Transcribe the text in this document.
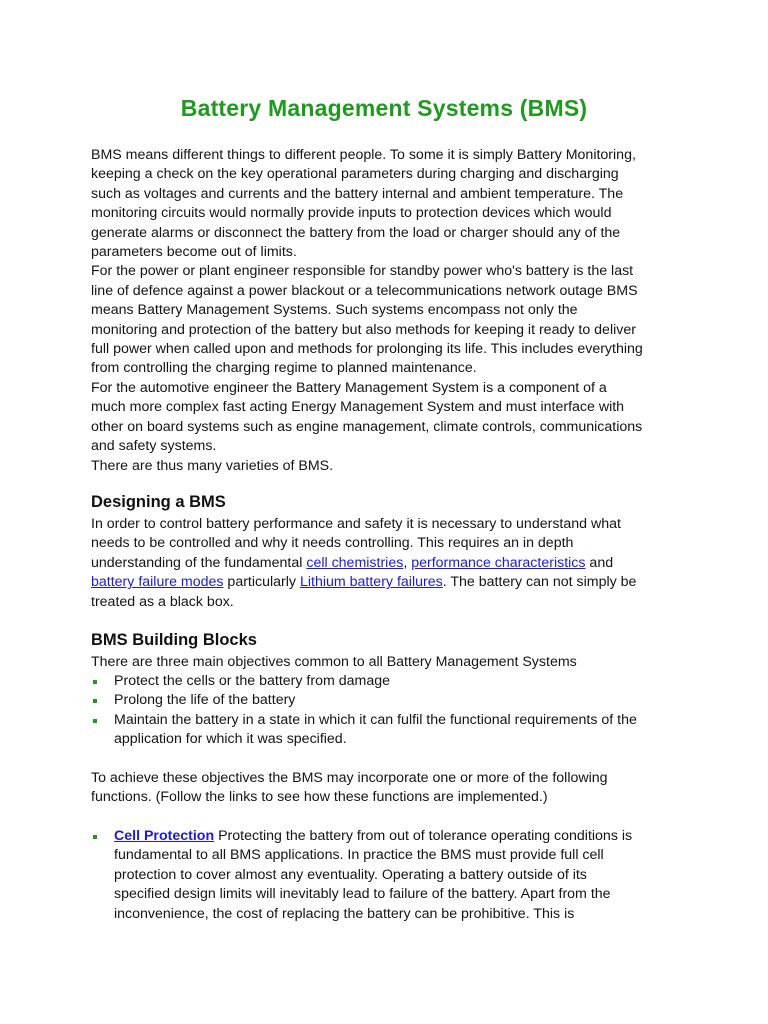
Battery Management Systems (BMS)
BMS means different things to different people. To some it is simply Battery Monitoring,
keeping a check on the key operational parameters during charging and discharging
such as voltages and currents and the battery internal and ambient temperature. The
monitoring circuits would normally provide inputs to protection devices which would
generate alarms or disconnect the battery from the load or charger should any of the
parameters become out of limits.
For the power or plant engineer responsible for standby power who's battery is the last
line of defence against a power blackout or a telecommunications network outage BMS
means Battery Management Systems. Such systems encompass not only the
monitoring and protection of the battery but also methods for keeping it ready to deliver
full power when called upon and methods for prolonging its life. This includes everything
from controlling the charging regime to planned maintenance.
For the automotive engineer the Battery Management System is a component of a
much more complex fast acting Energy Management System and must interface with
other on board systems such as engine management, climate controls, communications
and safety systems.
There are thus many varieties of BMS.
Designing a BMS
In order to control battery performance and safety it is necessary to understand what
needs to be controlled and why it needs controlling. This requires an in depth
understanding of the fundamental cell chemistries, performance characteristics and
battery failure modes particularly Lithium battery failures. The battery can not simply be
treated as a black box.
BMS Building Blocks
There are three main objectives common to all Battery Management Systems
Protect the cells or the battery from damage
Prolong the life of the battery
Maintain the battery in a state in which it can fulfil the functional requirements of the
application for which it was specified.
To achieve these objectives the BMS may incorporate one or more of the following
functions. (Follow the links to see how these functions are implemented.)
Cell Protection Protecting the battery from out of tolerance operating conditions is
fundamental to all BMS applications. In practice the BMS must provide full cell
protection to cover almost any eventuality. Operating a battery outside of its
specified design limits will inevitably lead to failure of the battery. Apart from the
inconvenience, the cost of replacing the battery can be prohibitive. This is
